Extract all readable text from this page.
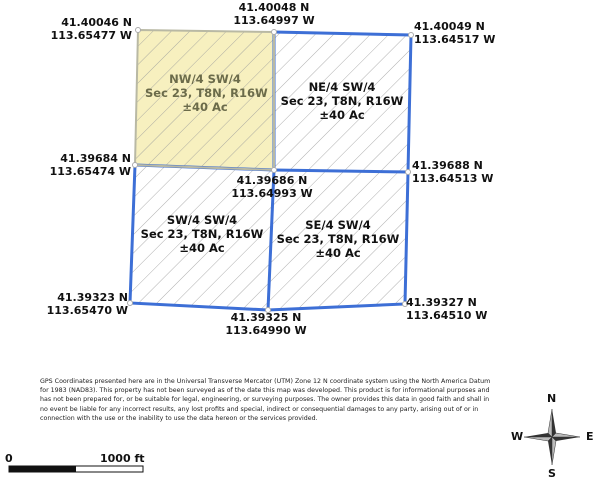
NW/4 SW/4
Sec 23, T8N, R16W
±40 Ac
NE/4 SW/4
Sec 23, T8N, R16W
±40 Ac
SW/4 SW/4
Sec 23, T8N, R16W
±40 Ac
SE/4 SW/4
Sec 23, T8N, R16W
±40 Ac
41.40046 N
113.65477 W
41.40048 N
113.64997 W	41.40049 N
113.64517 W
41.39684 N
113.65474 W
41.39686 N
113.64993 W
41.39688 N
113.64513 W
41.39323 N
113.65470 W
41.39325 N
113.64990 W
41.39327 N
113.64510 W
GPS Coordinates presented here are in the Universal Transverse Mercator (UTM) Zone 12 N coordinate system using the North America Datum for 1983 (NAD83). This property has not been surveyed as of the date this map was developed. This product is for informational purposes and has not been prepared for, or be suitable for legal, engineering, or surveying purposes. The owner provides this data in good faith and shall in no event be liable for any incorrect results, any lost profits and special, indirect or consequential damages to any party, arising out of or in connection with the use or the inability to use the data hereon or the services provided.
0	1000 ft
N
S
E
W
